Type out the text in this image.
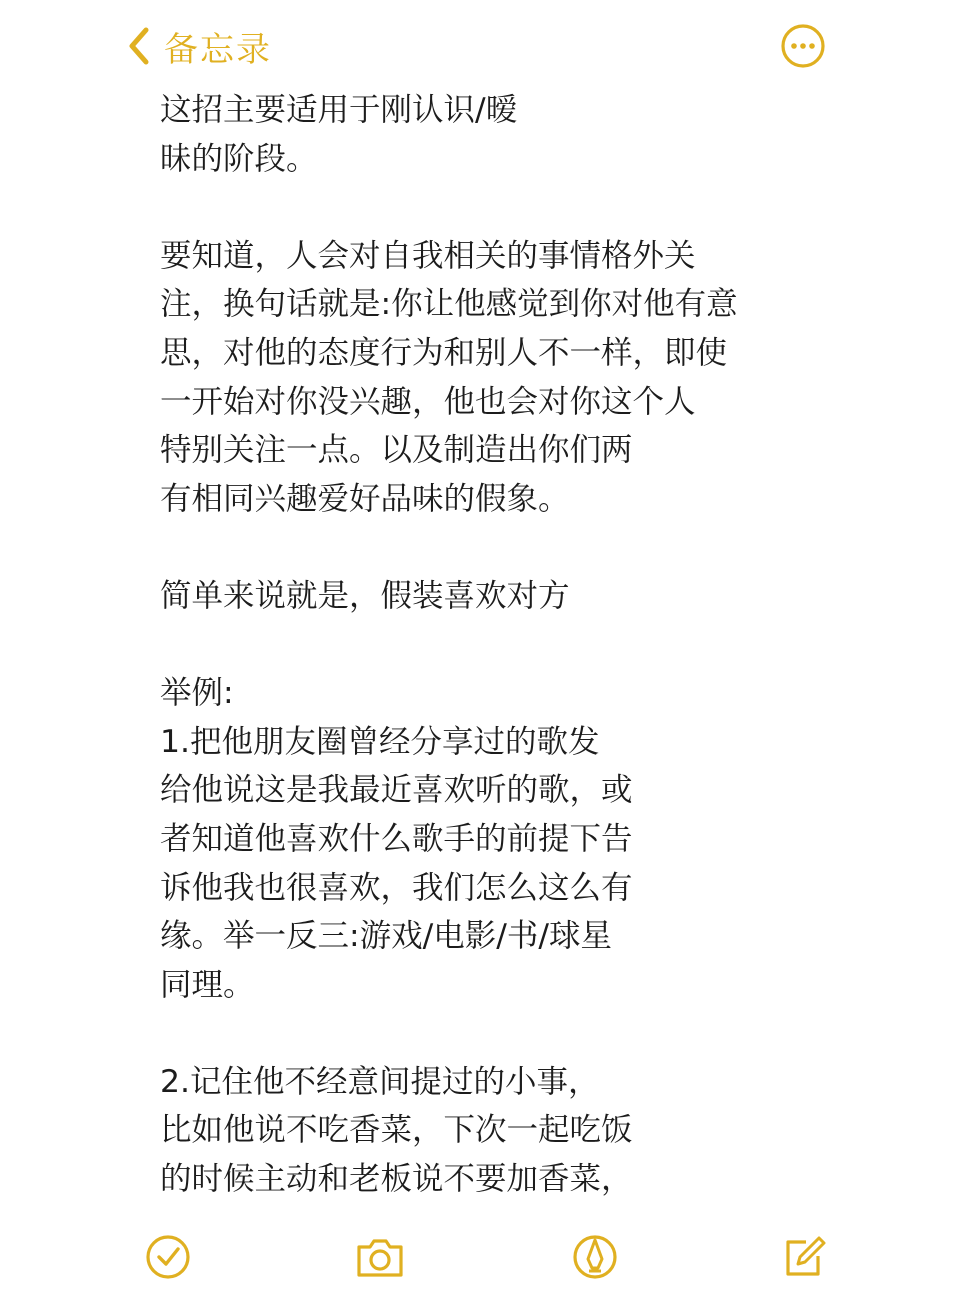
备忘录

这招主要适用于刚认识/暧

昧的阶段。

要知道，人会对自我相关的事情格外关

注，换句话就是:你让他感觉到你对他有意

思，对他的态度行为和别人不一样，即使

一开始对你没兴趣，他也会对你这个人

特别关注一点。以及制造出你们两

有相同兴趣爱好品味的假象。

简单来说就是，假装喜欢对方

举例:

1.把他朋友圈曾经分享过的歌发

给他说这是我最近喜欢听的歌，或

者知道他喜欢什么歌手的前提下告

诉他我也很喜欢，我们怎么这么有

缘。举一反三:游戏/电影/书/球星

同理。

2.记住他不经意间提过的小事，

比如他说不吃香菜，下次一起吃饭

的时候主动和老板说不要加香菜，
